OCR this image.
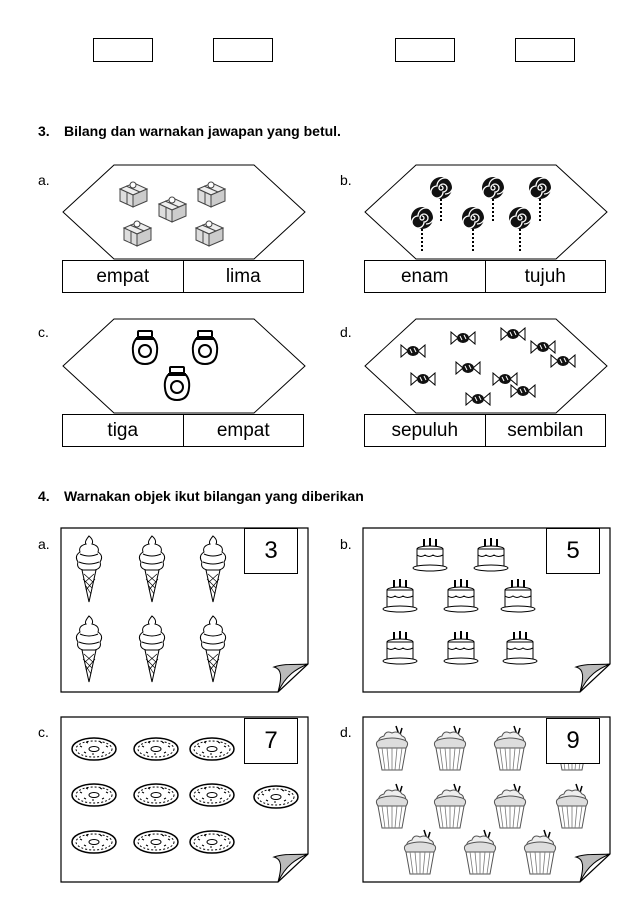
3. Bilang dan warnakan jawapan yang betul.
a.
empat	lima
b.
enam	tujuh
c.
tiga	empat
d.
sepuluh	sembilan
4. Warnakan objek ikut bilangan yang diberikan
a.	3	b.	5
c.	7	d.	9
